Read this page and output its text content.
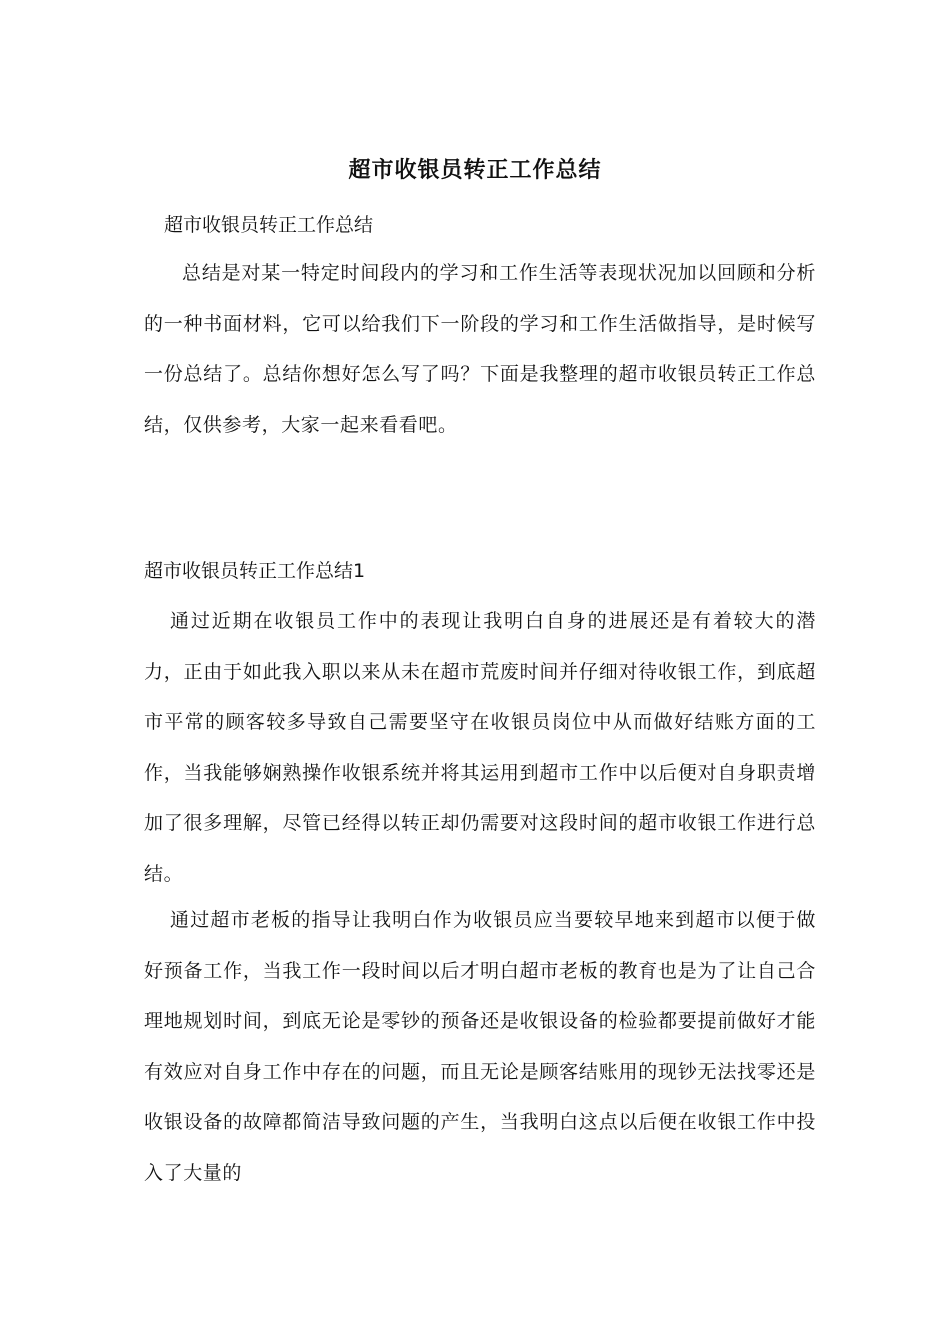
超市收银员转正工作总结
超市收银员转正工作总结

总结是对某一特定时间段内的学习和工作生活等表现状况加以回顾和分析的一种书面材料，它可以给我们下一阶段的学习和工作生活做指导，是时候写一份总结了。总结你想好怎么写了吗？下面是我整理的超市收银员转正工作总结，仅供参考，大家一起来看看吧。

超市收银员转正工作总结1

通过近期在收银员工作中的表现让我明白自身的进展还是有着较大的潜力，正由于如此我入职以来从未在超市荒废时间并仔细对待收银工作，到底超市平常的顾客较多导致自己需要坚守在收银员岗位中从而做好结账方面的工作，当我能够娴熟操作收银系统并将其运用到超市工作中以后便对自身职责增加了很多理解，尽管已经得以转正却仍需要对这段时间的超市收银工作进行总结。

通过超市老板的指导让我明白作为收银员应当要较早地来到超市以便于做好预备工作，当我工作一段时间以后才明白超市老板的教育也是为了让自己合理地规划时间，到底无论是零钞的预备还是收银设备的检验都要提前做好才能有效应对自身工作中存在的问题，而且无论是顾客结账用的现钞无法找零还是收银设备的故障都简洁导致问题的产生，当我明白这点以后便在收银工作中投入了大量的
